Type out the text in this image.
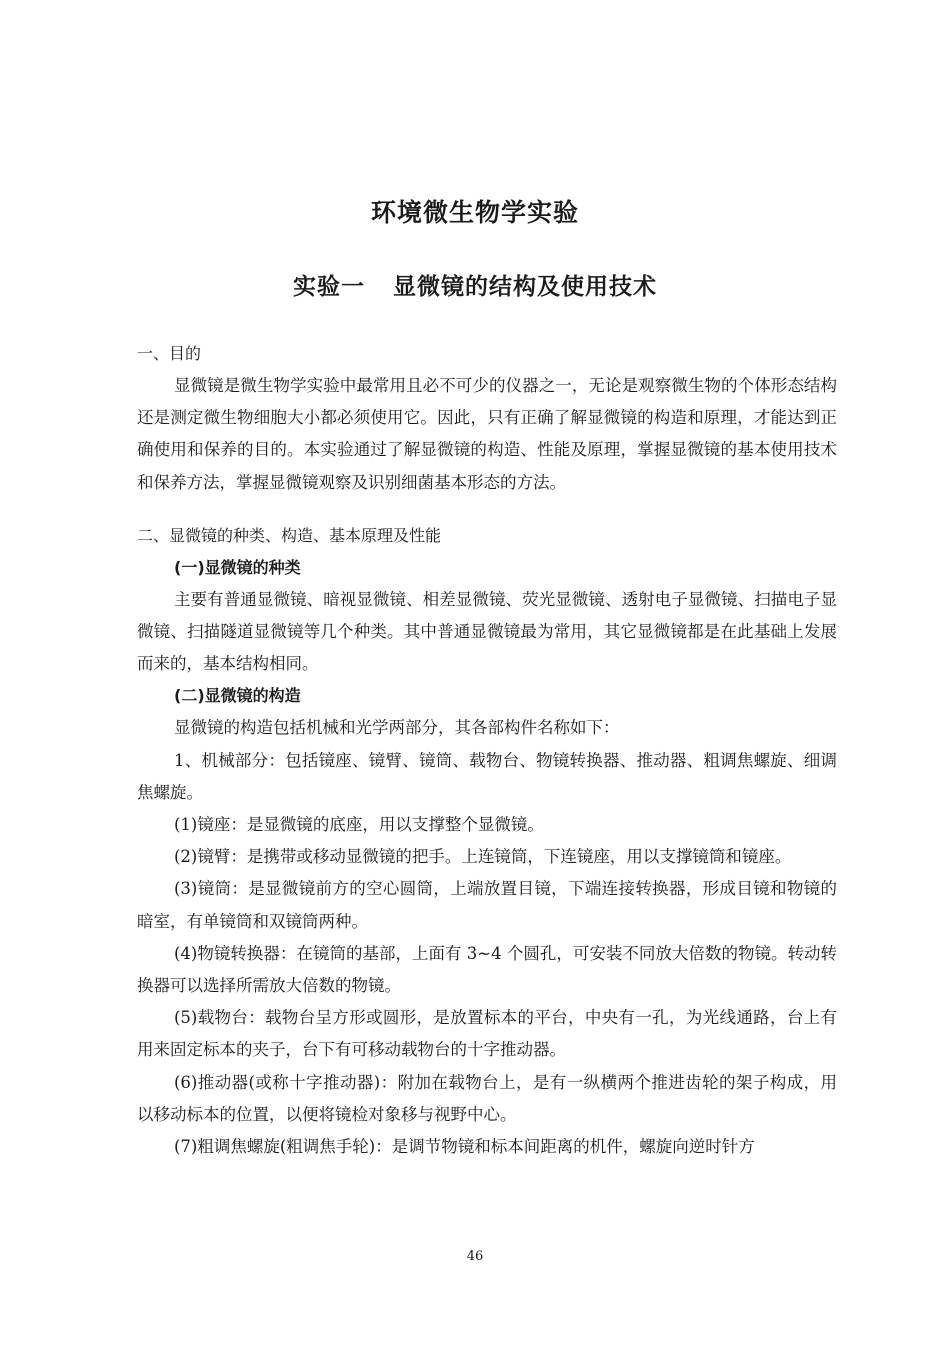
环境微生物学实验
实验一 显微镜的结构及使用技术

一、目的

显微镜是微生物学实验中最常用且必不可少的仪器之一，无论是观察微生物的个体形态结构还是测定微生物细胞大小都必须使用它。因此，只有正确了解显微镜的构造和原理，才能达到正确使用和保养的目的。本实验通过了解显微镜的构造、性能及原理，掌握显微镜的基本使用技术和保养方法，掌握显微镜观察及识别细菌基本形态的方法。

二、显微镜的种类、构造、基本原理及性能

(一)显微镜的种类

主要有普通显微镜、暗视显微镜、相差显微镜、荧光显微镜、透射电子显微镜、扫描电子显微镜、扫描隧道显微镜等几个种类。其中普通显微镜最为常用，其它显微镜都是在此基础上发展而来的，基本结构相同。

(二)显微镜的构造

显微镜的构造包括机械和光学两部分，其各部构件名称如下：

1、机械部分：包括镜座、镜臂、镜筒、载物台、物镜转换器、推动器、粗调焦螺旋、细调焦螺旋。

(1)镜座：是显微镜的底座，用以支撑整个显微镜。

(2)镜臂：是携带或移动显微镜的把手。上连镜筒，下连镜座，用以支撑镜筒和镜座。

(3)镜筒：是显微镜前方的空心圆筒，上端放置目镜，下端连接转换器，形成目镜和物镜的暗室，有单镜筒和双镜筒两种。

(4)物镜转换器：在镜筒的基部，上面有 3~4 个圆孔，可安装不同放大倍数的物镜。转动转换器可以选择所需放大倍数的物镜。

(5)载物台：载物台呈方形或圆形，是放置标本的平台，中央有一孔，为光线通路，台上有用来固定标本的夹子，台下有可移动载物台的十字推动器。

(6)推动器(或称十字推动器)：附加在载物台上，是有一纵横两个推进齿轮的架子构成，用以移动标本的位置，以便将镜检对象移与视野中心。

(7)粗调焦螺旋(粗调焦手轮)：是调节物镜和标本间距离的机件，螺旋向逆时针方

46
